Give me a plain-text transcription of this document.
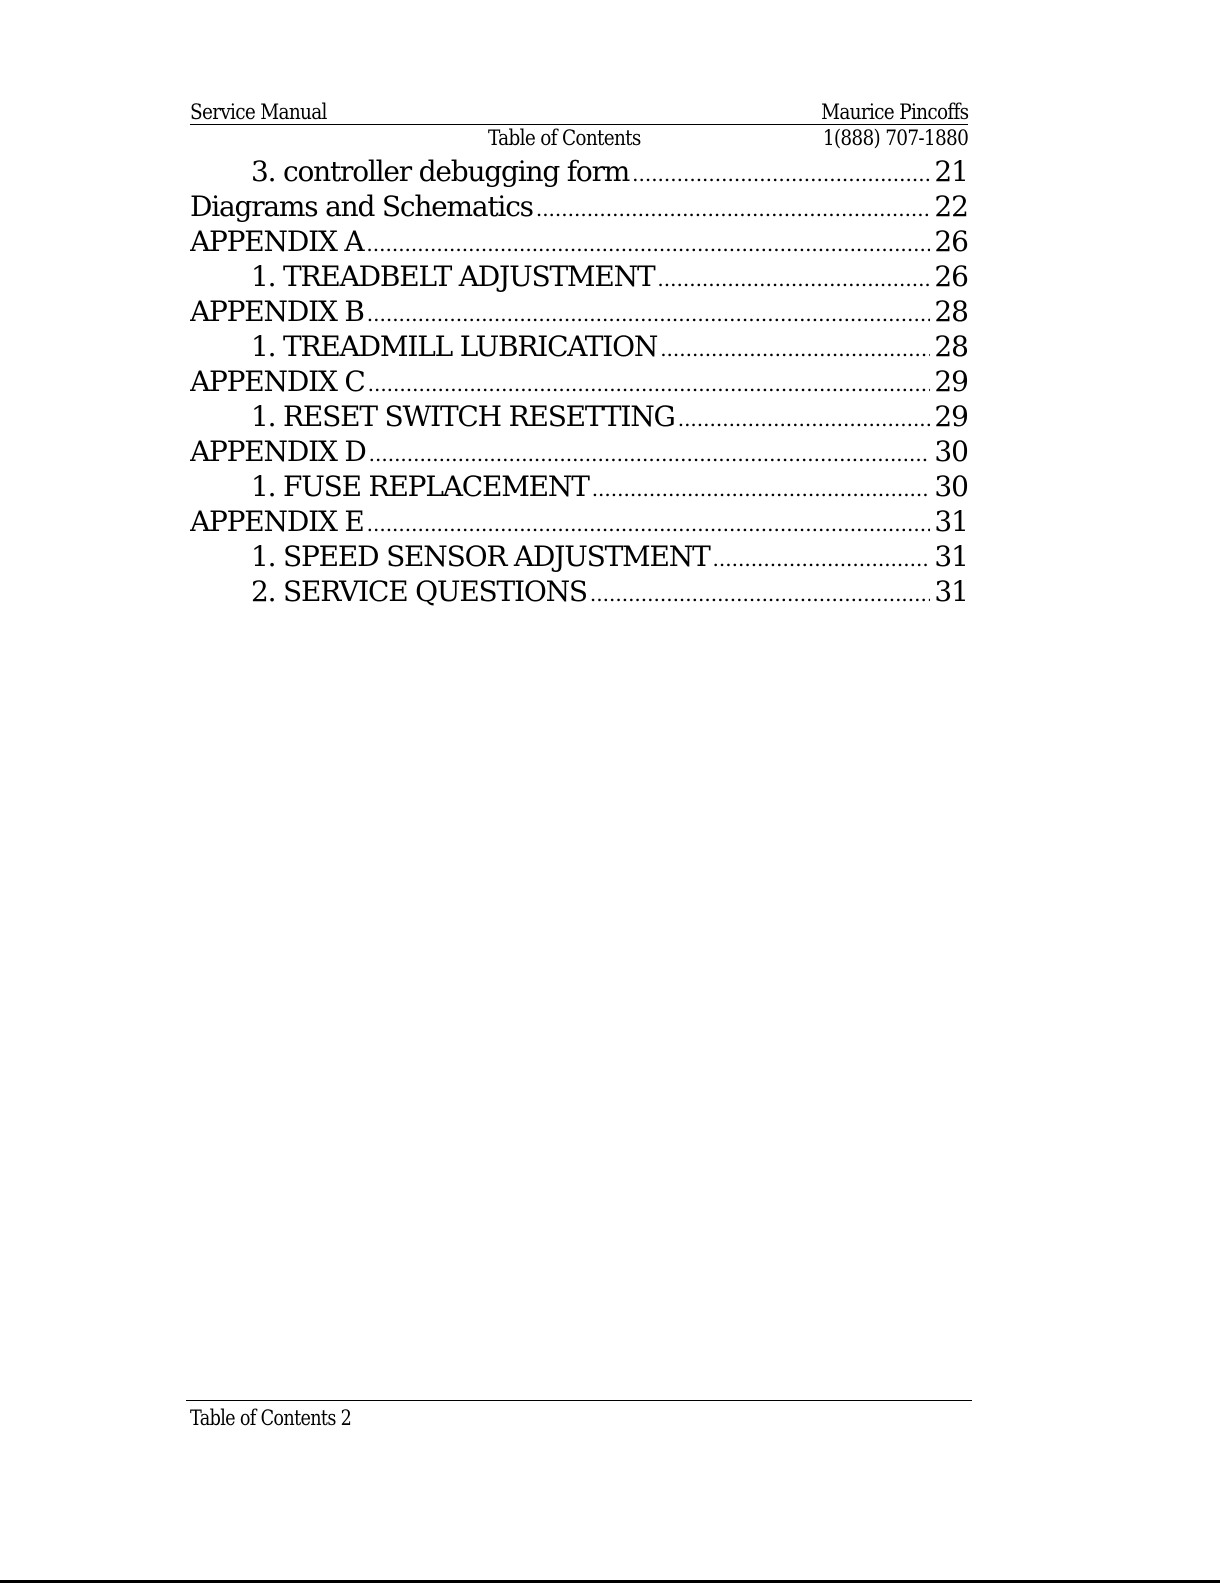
Service Manual	Maurice Pincoffs
Table of Contents	1(888) 707-1880
3. controller debugging form .....	21
Diagrams and Schematics .....	22
APPENDIX A .....	26
1. TREADBELT ADJUSTMENT .....	26
APPENDIX B .....	28
1. TREADMILL LUBRICATION .....	28
APPENDIX C .....	29
1. RESET SWITCH RESETTING .....	29
APPENDIX D .....	30
1. FUSE REPLACEMENT .....	30
APPENDIX E .....	31
1. SPEED SENSOR ADJUSTMENT .....	31
2. SERVICE QUESTIONS .....	31
Table of Contents 2
